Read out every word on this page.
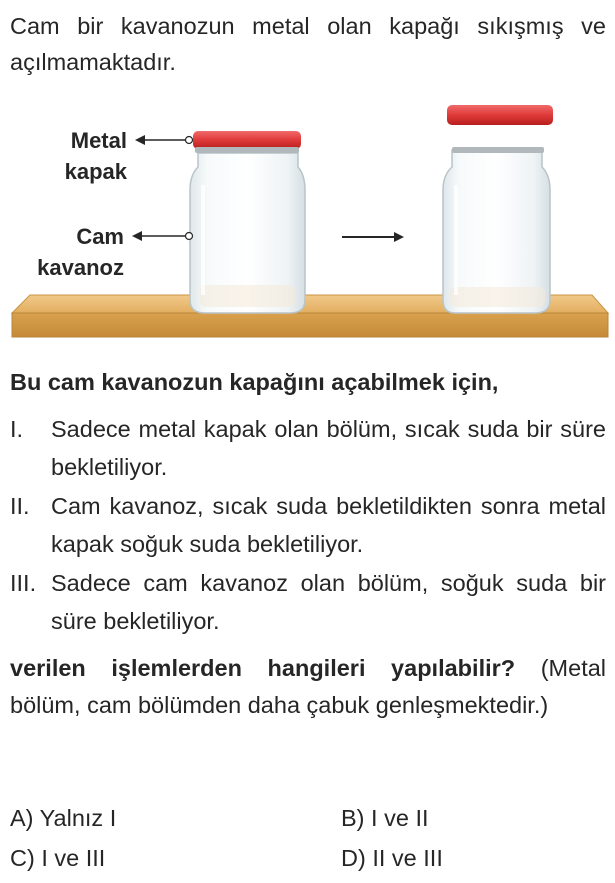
Cam bir kavanozun metal olan kapağı sıkışmış ve açılmamaktadır.

Metal
kapak
Cam
kavanoz

Bu cam kavanozun kapağını açabilmek için,

I. Sadece metal kapak olan bölüm, sıcak suda bir süre bekletiliyor.
II. Cam kavanoz, sıcak suda bekletildikten sonra metal kapak soğuk suda bekletiliyor.
III. Sadece cam kavanoz olan bölüm, soğuk suda bir süre bekletiliyor.

verilen işlemlerden hangileri yapılabilir? (Metal bölüm, cam bölümden daha çabuk genleşmektedir.)

A) Yalnız I	B) I ve II
C) I ve III	D) II ve III
